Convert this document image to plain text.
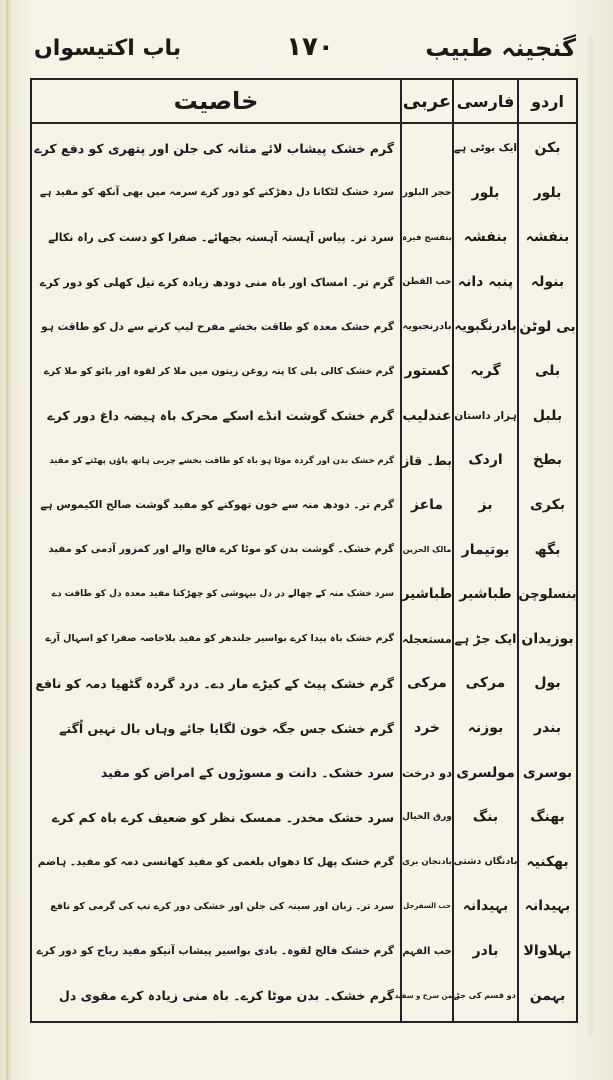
گنجینہ طبیب
۱۷۰
باب اکتیسواں
اردو
فارسی
عربی
خاصیت
بکن
ایک بوٹی ہے
گرم خشک پیشاب لائے مثانہ کی جلن اور پتھری کو دفع کرے
بلور
بلور
حجر البلور
سرد خشک لٹکانا دل دھڑکنے کو دور کرے سرمہ میں بھی آنکھ کو مفید ہے
بنفشہ
بنفشہ
بنفسج فیرہ
سرد تر۔ پیاس آہستہ آہستہ بجھائے۔ صفرا کو دست کی راہ نکالے
بنولہ
پنبہ دانہ
حب القطن
گرم تر۔ امساک اور باہ منی دودھ زیادہ کرے تیل کھلی کو دور کرے
بی لوٹن
بادرنگبویہ
بادرنجبویہ
گرم خشک معدہ کو طاقت بخشے مفرح لیپ کرنے سے دل کو طاقت ہو
بلی
گربہ
کستور
گرم خشک کالی بلی کا پتہ روغن زیتون میں ملا کر لقوہ اور بائو کو ملا کرے
بلبل
ہزار داستان
عندلیب
گرم خشک گوشت انڈے اسکے محرک باہ ہیضہ داغ دور کرے
بطخ
اردک
بط۔ قاز
گرم خشک بدن اور گردہ موٹا ہو باہ کو طاقت بخشے چربی ہاتھ پاؤں پھٹنے کو مفید
بکری
بز
ماعز
گرم تر۔ دودھ منہ سے خون تھوکنے کو مفید گوشت صالح الکیموس ہے
بگھ
بوتیمار
مالک الحزین
گرم خشک۔ گوشت بدن کو موٹا کرے فالج والے اور کمزور آدمی کو مفید
بنسلوچن
طباشیر
طباشیر
سرد خشک منہ کے چھالے در دل بیہوشی کو چھڑکنا مفید معدہ دل کو طاقت دے
بوزیدان
ایک جڑ ہے
مستعجلہ
گرم خشک باہ پیدا کرے بواسیر جلندھر کو مفید بلاخاصہ صفرا کو اسہال آرے
بول
مرکی
مرکی
گرم خشک پیٹ کے کیڑے مار دے۔ درد گردہ گٹھیا دمہ کو نافع
بندر
بوزنہ
خرد
گرم خشک جس جگہ خون لگایا جائے وہاں بال نہیں اُگتے
بوسری
مولسری
دو درخت
سرد خشک۔ دانت و مسوڑوں کے امراض کو مفید
بھنگ
بنگ
ورق الخیال
سرد خشک مخدر۔ ممسک نظر کو ضعیف کرے باہ کم کرے
بھکنیہ
بادنگاں دشتی
بادنجان بری
گرم خشک پھل کا دھواں بلغمی کو مفید کھانسی دمہ کو مفید۔ ہاضم
بہیدانہ
بہیدانہ
حب السفرجل
سرد تر۔ زبان اور سینہ کی جلن اور خشکی دور کرے تپ کی گرمی کو نافع
بہلاوالا
بادر
حب الفہم
گرم خشک فالج لقوہ۔ بادی بواسیر پیشاب آنیکو مفید ریاح کو دور کرے
بہمن
دو قسم کی جڑ
بہمن سرخ و سفید
گرم خشک۔ بدن موٹا کرے۔ باہ منی زیادہ کرے مقوی دل
